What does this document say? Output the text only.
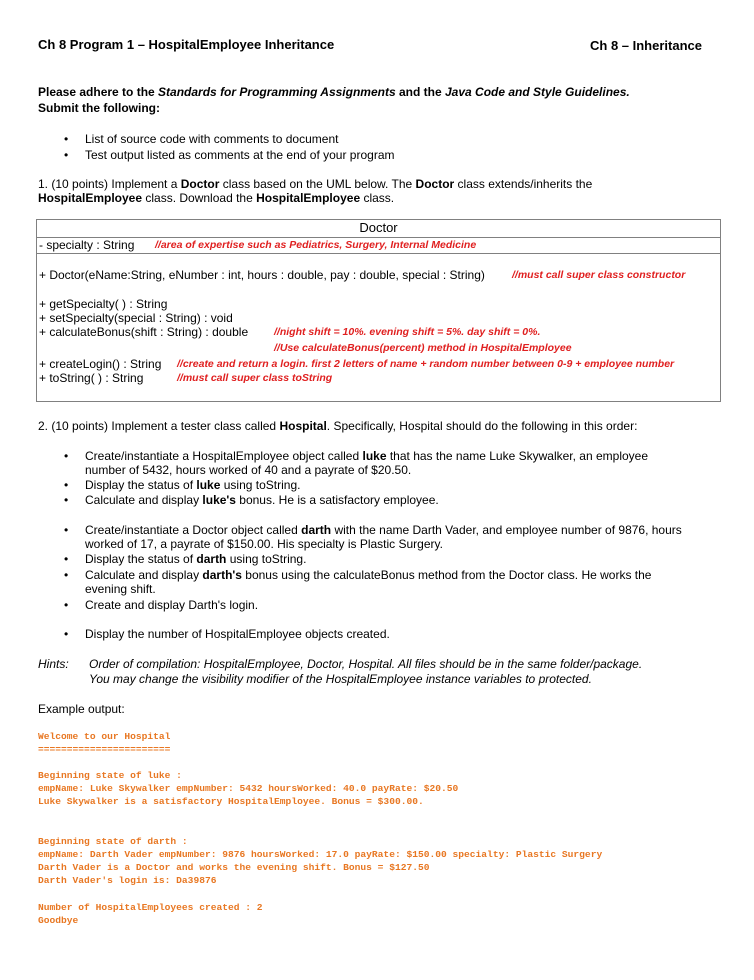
Ch 8 Program 1 – HospitalEmployee Inheritance	Ch 8 – Inheritance
Please adhere to the Standards for Programming Assignments and the Java Code and Style Guidelines.
Submit the following:
• List of source code with comments to document
• Test output listed as comments at the end of your program
1. (10 points) Implement a Doctor class based on the UML below. The Doctor class extends/inherits the
HospitalEmployee class. Download the HospitalEmployee class.
Doctor
- specialty : String //area of expertise such as Pediatrics, Surgery, Internal Medicine
+ Doctor(eName:String, eNumber : int, hours : double, pay : double, special : String)	//must call super class constructor
+ getSpecialty( ) : String
+ setSpecialty(special : String) : void
+ calculateBonus(shift : String) : double //night shift = 10%. evening shift = 5%. day shift = 0%.
//Use calculateBonus(percent) method in HospitalEmployee
+ createLogin() : String //create and return a login. first 2 letters of name + random number between 0-9 + employee number
+ toString( ) : String	//must call super class toString
2. (10 points) Implement a tester class called Hospital. Specifically, Hospital should do the following in this order:
• Create/instantiate a HospitalEmployee object called luke that has the name Luke Skywalker, an employee
number of 5432, hours worked of 40 and a payrate of $20.50.
• Display the status of luke using toString.
• Calculate and display luke's bonus. He is a satisfactory employee.
• Create/instantiate a Doctor object called darth with the name Darth Vader, and employee number of 9876, hours
worked of 17, a payrate of $150.00. His specialty is Plastic Surgery.
• Display the status of darth using toString.
• Calculate and display darth's bonus using the calculateBonus method from the Doctor class. He works the
evening shift.
• Create and display Darth's login.
• Display the number of HospitalEmployee objects created.
Hints: Order of compilation: HospitalEmployee, Doctor, Hospital. All files should be in the same folder/package.
You may change the visibility modifier of the HospitalEmployee instance variables to protected.
Example output:
Welcome to our Hospital
=======================
Beginning state of luke :
empName: Luke Skywalker empNumber: 5432 hoursWorked: 40.0 payRate: $20.50
Luke Skywalker is a satisfactory HospitalEmployee. Bonus = $300.00.
Beginning state of darth :
empName: Darth Vader empNumber: 9876 hoursWorked: 17.0 payRate: $150.00 specialty: Plastic Surgery
Darth Vader is a Doctor and works the evening shift. Bonus = $127.50
Darth Vader's login is: Da39876
Number of HospitalEmployees created : 2
Goodbye
